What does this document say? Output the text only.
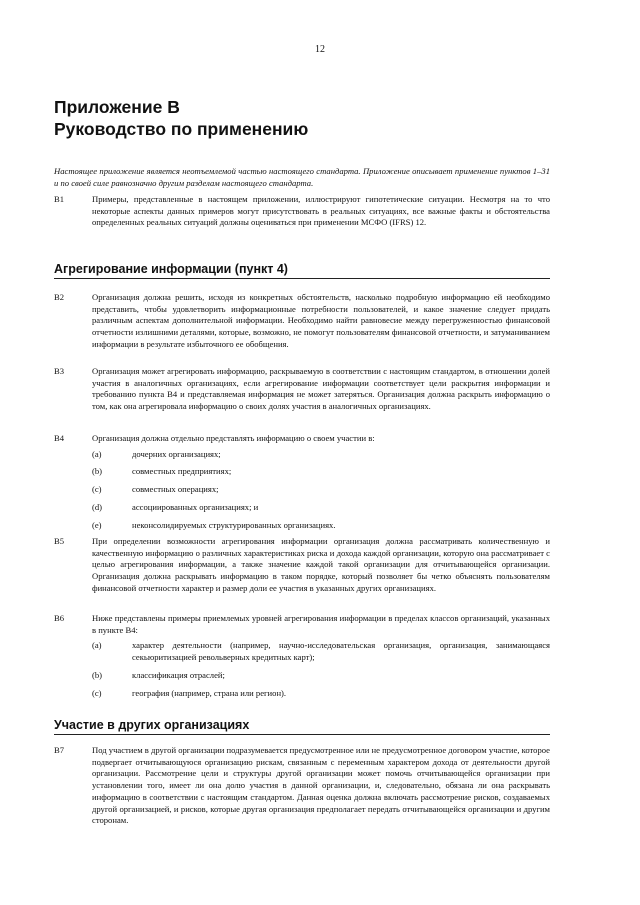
12
Приложение В
Руководство по применению

Настоящее приложение является неотъемлемой частью настоящего стандарта. Приложение описывает применение пунктов 1–31 и по своей силе равнозначно другим разделам настоящего стандарта.

B1	Примеры, представленные в настоящем приложении, иллюстрируют гипотетические ситуации. Несмотря на то что некоторые аспекты данных примеров могут присутствовать в реальных ситуациях, все важные факты и обстоятельства определенных реальных ситуаций должны оцениваться при применении МСФО (IFRS) 12.
Агрегирование информации (пункт 4)
B2	Организация должна решить, исходя из конкретных обстоятельств, насколько подробную информацию ей необходимо представить, чтобы удовлетворить информационные потребности пользователей, и какое значение следует придать различным аспектам дополнительной информации. Необходимо найти равновесие между перегруженностью финансовой отчетности излишними деталями, которые, возможно, не помогут пользователям финансовой отчетности, и затуманиванием информации в результате избыточного ее обобщения.
B3	Организация может агрегировать информацию, раскрываемую в соответствии с настоящим стандартом, в отношении долей участия в аналогичных организациях, если агрегирование информации соответствует цели раскрытия информации и требованию пункта B4 и представляемая информация не может затеряться. Организация должна раскрыть информацию о том, как она агрегировала информацию о своих долях участия в аналогичных организациях.
B4	Организация должна отдельно представлять информацию о своем участии в:
(a)	дочерних организациях;
(b)	совместных предприятиях;
(c)	совместных операциях;
(d)	ассоциированных организациях; и
(e)	неконсолидируемых структурированных организациях.
B5	При определении возможности агрегирования информации организация должна рассматривать количественную и качественную информацию о различных характеристиках риска и дохода каждой организации, которую она рассматривает с целью агрегирования информации, а также значение каждой такой организации для отчитывающейся организации. Организация должна раскрывать информацию в таком порядке, который позволяет бы четко объяснять пользователям финансовой отчетности характер и размер доли ее участия в указанных других организациях.
B6	Ниже представлены примеры приемлемых уровней агрегирования информации в пределах классов организаций, указанных в пункте B4:
(a)	характер деятельности (например, научно-исследовательская организация, организация, занимающаяся секьюритизацией револьверных кредитных карт);
(b)	классификация отраслей;
(c)	география (например, страна или регион).
Участие в других организациях
B7	Под участием в другой организации подразумевается предусмотренное или не предусмотренное договором участие, которое подвергает отчитывающуюся организацию рискам, связанным с переменным характером дохода от деятельности другой организации. Рассмотрение цели и структуры другой организации может помочь отчитывающейся организации при установлении того, имеет ли она долю участия в данной организации, и, следовательно, обязана ли она раскрывать информацию в соответствии с настоящим стандартом. Данная оценка должна включать рассмотрение рисков, создаваемых другой организацией, и рисков, которые другая организация предполагает передать отчитывающейся организации и другим сторонам.
